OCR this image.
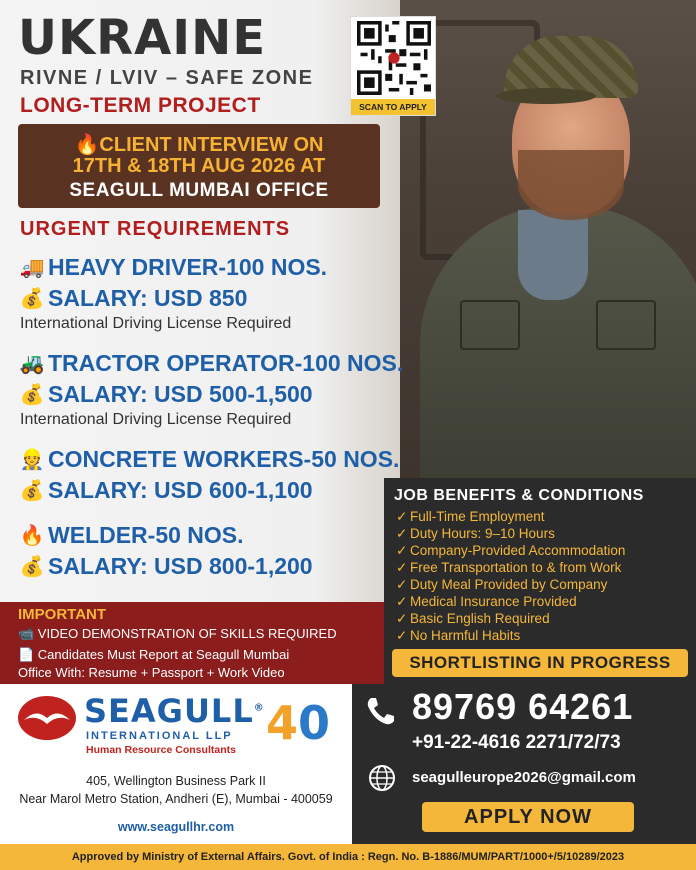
UKRAINE
RIVNE / LVIV – SAFE ZONE
LONG-TERM PROJECT	SCAN TO APPLY
🔥CLIENT INTERVIEW ON
17TH & 18TH AUG 2026 AT
SEAGULL MUMBAI OFFICE
URGENT REQUIREMENTS
🚚 HEAVY DRIVER-100 NOS.
💰 SALARY: USD 850
International Driving License Required
🚜 TRACTOR OPERATOR-100 NOS.
💰 SALARY: USD 500-1,500
International Driving License Required
👷 CONCRETE WORKERS-50 NOS.
💰 SALARY: USD 600-1,100
🔥 WELDER-50 NOS.
💰 SALARY: USD 800-1,200
JOB BENEFITS & CONDITIONS
✓ Full-Time Employment
✓ Duty Hours: 9–10 Hours
✓ Company-Provided Accommodation
✓ Free Transportation to & from Work
✓ Duty Meal Provided by Company
✓ Medical Insurance Provided
✓ Basic English Required
✓ No Harmful Habits
SHORTLISTING IN PROGRESS
IMPORTANT
📹 VIDEO DEMONSTRATION OF SKILLS REQUIRED
📄 Candidates Must Report at Seagull Mumbai
Office With: Resume + Passport + Work Video
SEAGULL®
INTERNATIONAL LLP
Human Resource Consultants 40
405, Wellington Business Park II
Near Marol Metro Station, Andheri (E), Mumbai - 400059
www.seagullhr.com
89769 64261
+91-22-4616 2271/72/73
seagulleurope2026@gmail.com
APPLY NOW
Approved by Ministry of External Affairs. Govt. of India : Regn. No. B-1886/MUM/PART/1000+/5/10289/2023
